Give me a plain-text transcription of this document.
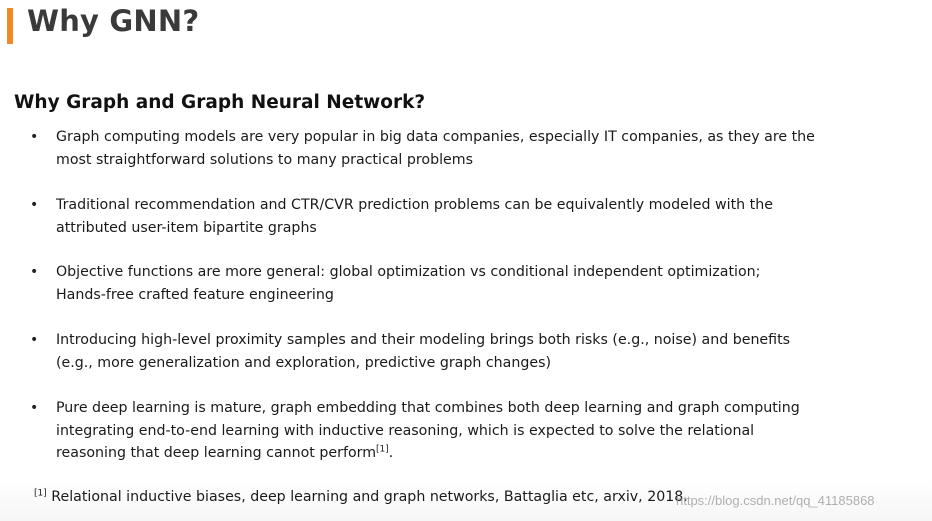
Why GNN?
Why Graph and Graph Neural Network?
• Graph computing models are very popular in big data companies, especially IT companies, as they are the
most straightforward solutions to many practical problems
• Traditional recommendation and CTR/CVR prediction problems can be equivalently modeled with the
attributed user-item bipartite graphs
• Objective functions are more general: global optimization vs conditional independent optimization;
Hands-free crafted feature engineering
• Introducing high-level proximity samples and their modeling brings both risks (e.g., noise) and benefits
(e.g., more generalization and exploration, predictive graph changes)
• Pure deep learning is mature, graph embedding that combines both deep learning and graph computing
integrating end-to-end learning with inductive reasoning, which is expected to solve the relational
reasoning that deep learning cannot perform[1].
[1] Relational inductive biases, deep learning and graph networks, Battaglia etc, arxiv, 2018.
https://blog.csdn.net/qq_41185868
